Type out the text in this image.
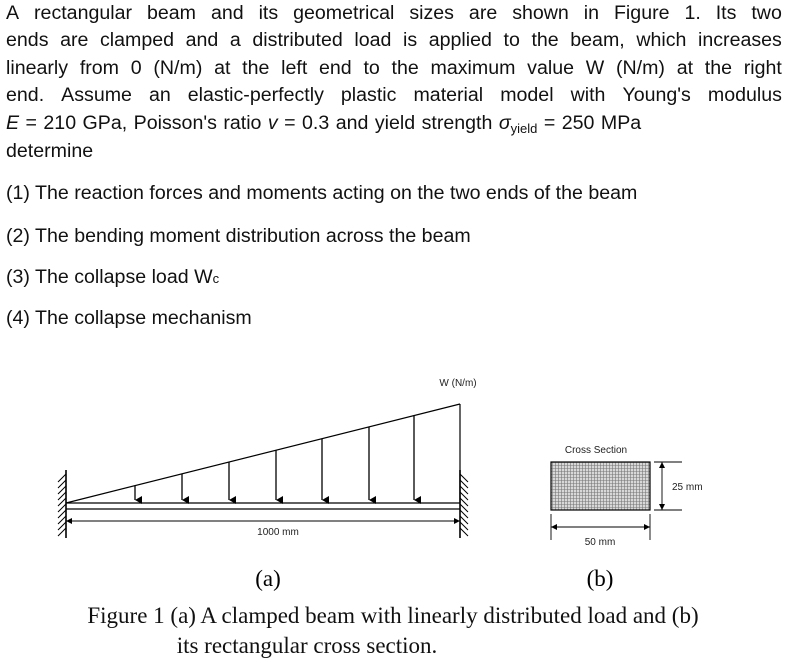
A rectangular beam and its geometrical sizes are shown in Figure 1. Its two
ends are clamped and a distributed load is applied to the beam, which increases
linearly from 0 (N/m) at the left end to the maximum value W (N/m) at the right
end. Assume an elastic-perfectly plastic material model with Young's modulus
E = 210 GPa, Poisson's ratio v = 0.3 and yield strength $\sigma_{yield} = 250$ MPa
determine
(1) The reaction forces and moments acting on the two ends of the beam
(2) The bending moment distribution across the beam
(3) The collapse load Wc
(4) The collapse mechanism
W (N/m)
1000 mm
(a)
Cross Section
25 mm
50 mm
(b)
Figure 1 (a) A clamped beam with linearly distributed load and (b)
its rectangular cross section.
